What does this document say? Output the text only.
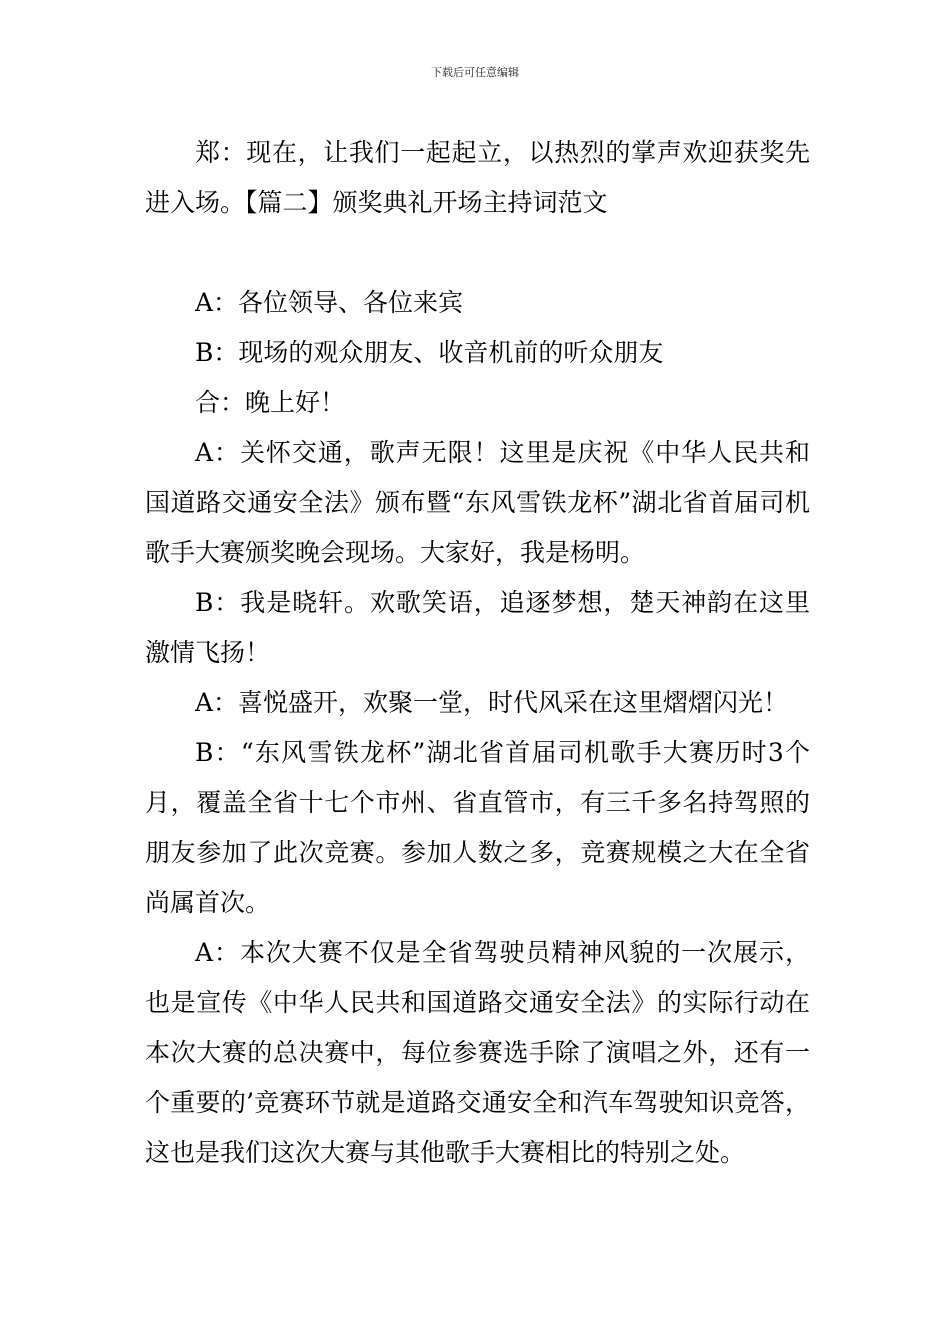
下载后可任意编辑

郑：现在，让我们一起起立，以热烈的掌声欢迎获奖先进入场。【篇二】颁奖典礼开场主持词范文

A：各位领导、各位来宾

B：现场的观众朋友、收音机前的听众朋友

合：晚上好！

A：关怀交通，歌声无限！这里是庆祝《中华人民共和国道路交通安全法》颁布暨“东风雪铁龙杯”湖北省首届司机歌手大赛颁奖晚会现场。大家好，我是杨明。

B：我是晓轩。欢歌笑语，追逐梦想，楚天神韵在这里激情飞扬！

A：喜悦盛开，欢聚一堂，时代风采在这里熠熠闪光！

B：“东风雪铁龙杯”湖北省首届司机歌手大赛历时3个月，覆盖全省十七个市州、省直管市，有三千多名持驾照的朋友参加了此次竞赛。参加人数之多，竞赛规模之大在全省尚属首次。

A：本次大赛不仅是全省驾驶员精神风貌的一次展示，也是宣传《中华人民共和国道路交通安全法》的实际行动在本次大赛的总决赛中，每位参赛选手除了演唱之外，还有一个重要的’竞赛环节就是道路交通安全和汽车驾驶知识竞答，这也是我们这次大赛与其他歌手大赛相比的特别之处。
